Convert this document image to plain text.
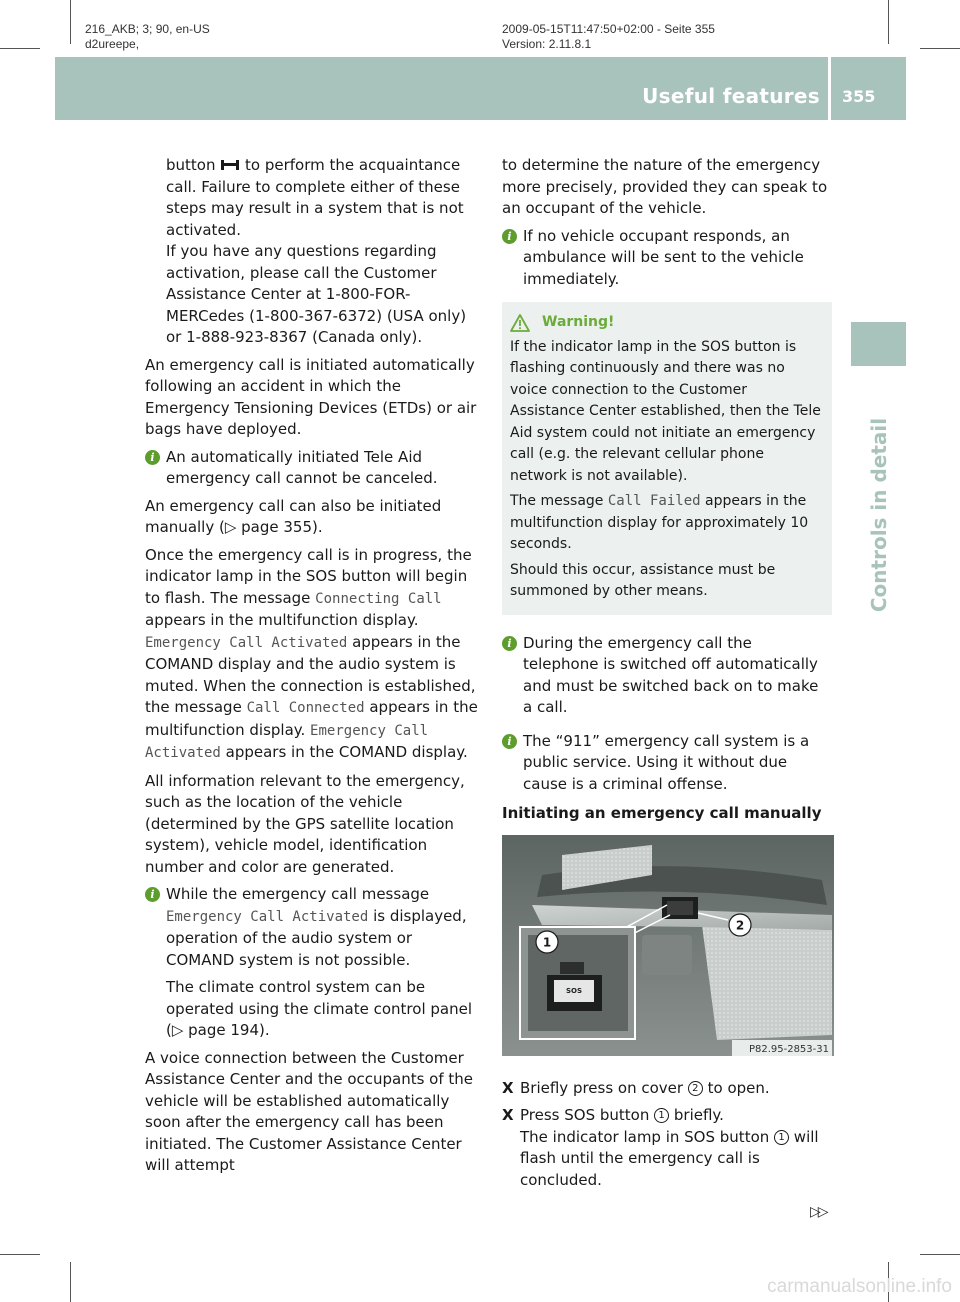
216_AKB; 3; 90, en-US
d2ureepe,
2009-05-15T11:47:50+02:00 - Seite 355
Version: 2.11.8.1
Useful features 355
Controls in detail

button  to perform the acquaintance call. Failure to complete either of these steps may result in a system that is not activated.

If you have any questions regarding activation, please call the Customer Assistance Center at 1-800-FOR-MERCedes (1-800-367-6372) (USA only) or 1-888-923-8367 (Canada only).

An emergency call is initiated automatically following an accident in which the Emergency Tensioning Devices (ETDs) or air bags have deployed.

i An automatically initiated Tele Aid emergency call cannot be canceled.

An emergency call can also be initiated manually (▷ page 355).

Once the emergency call is in progress, the indicator lamp in the SOS button will begin to flash. The message Connecting Call appears in the multifunction display. Emergency Call Activated appears in the COMAND display and the audio system is muted. When the connection is established, the message Call Connected appears in the multifunction display. Emergency Call Activated appears in the COMAND display.

All information relevant to the emergency, such as the location of the vehicle (determined by the GPS satellite location system), vehicle model, identification number and color are generated.

i While the emergency call message Emergency Call Activated is displayed, operation of the audio system or COMAND system is not possible.

The climate control system can be operated using the climate control panel (▷ page 194).

A voice connection between the Customer Assistance Center and the occupants of the vehicle will be established automatically soon after the emergency call has been initiated. The Customer Assistance Center will attempt

to determine the nature of the emergency more precisely, provided they can speak to an occupant of the vehicle.

i If no vehicle occupant responds, an ambulance will be sent to the vehicle immediately.
Warning!

If the indicator lamp in the SOS button is flashing continuously and there was no voice connection to the Customer Assistance Center established, then the Tele Aid system could not initiate an emergency call (e.g. the relevant cellular phone network is not available).

The message Call Failed appears in the multifunction display for approximately 10 seconds.

Should this occur, assistance must be summoned by other means.

i During the emergency call the telephone is switched off automatically and must be switched back on to make a call.
i The “911” emergency call system is a public service. Using it without due cause is a criminal offense.
Initiating an emergency call manually
SOS
1
2
P82.95-2853-31
X Briefly press on cover 2 to open.
X Press SOS button 1 briefly.

The indicator lamp in SOS button 1 will flash until the emergency call is concluded.

▷▷
carmanualsonline.info
